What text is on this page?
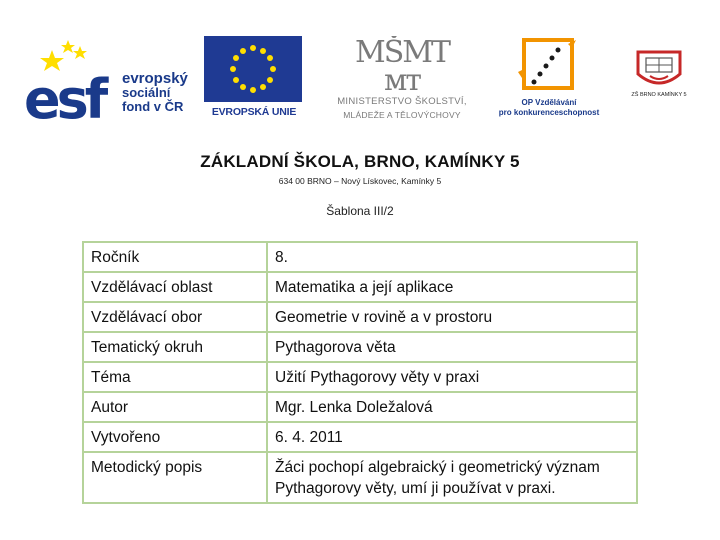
esf	evropský
sociální
fond v ČR	EVROPSKÁ UNIE
MŠMT
ᴍᴛ
MINISTERSTVO ŠKOLSTVÍ,
MLÁDEŽE A TĚLOVÝCHOVY
OP Vzdělávání
pro konkurenceschopnost
ZŠ BRNO KAMÍNKY 5
ZÁKLADNÍ ŠKOLA, BRNO, KAMÍNKY 5
634 00 BRNO – Nový Lískovec, Kamínky 5
Šablona III/2
Ročník	8.
Vzdělávací oblast	Matematika a její aplikace
Vzdělávací obor	Geometrie v rovině a v prostoru
Tematický okruh	Pythagorova věta
Téma	Užití Pythagorovy věty v praxi
Autor	Mgr. Lenka Doležalová
Vytvořeno	6. 4. 2011
Metodický popis	Žáci pochopí algebraický i geometrický význam Pythagorovy věty, umí ji používat v praxi.
